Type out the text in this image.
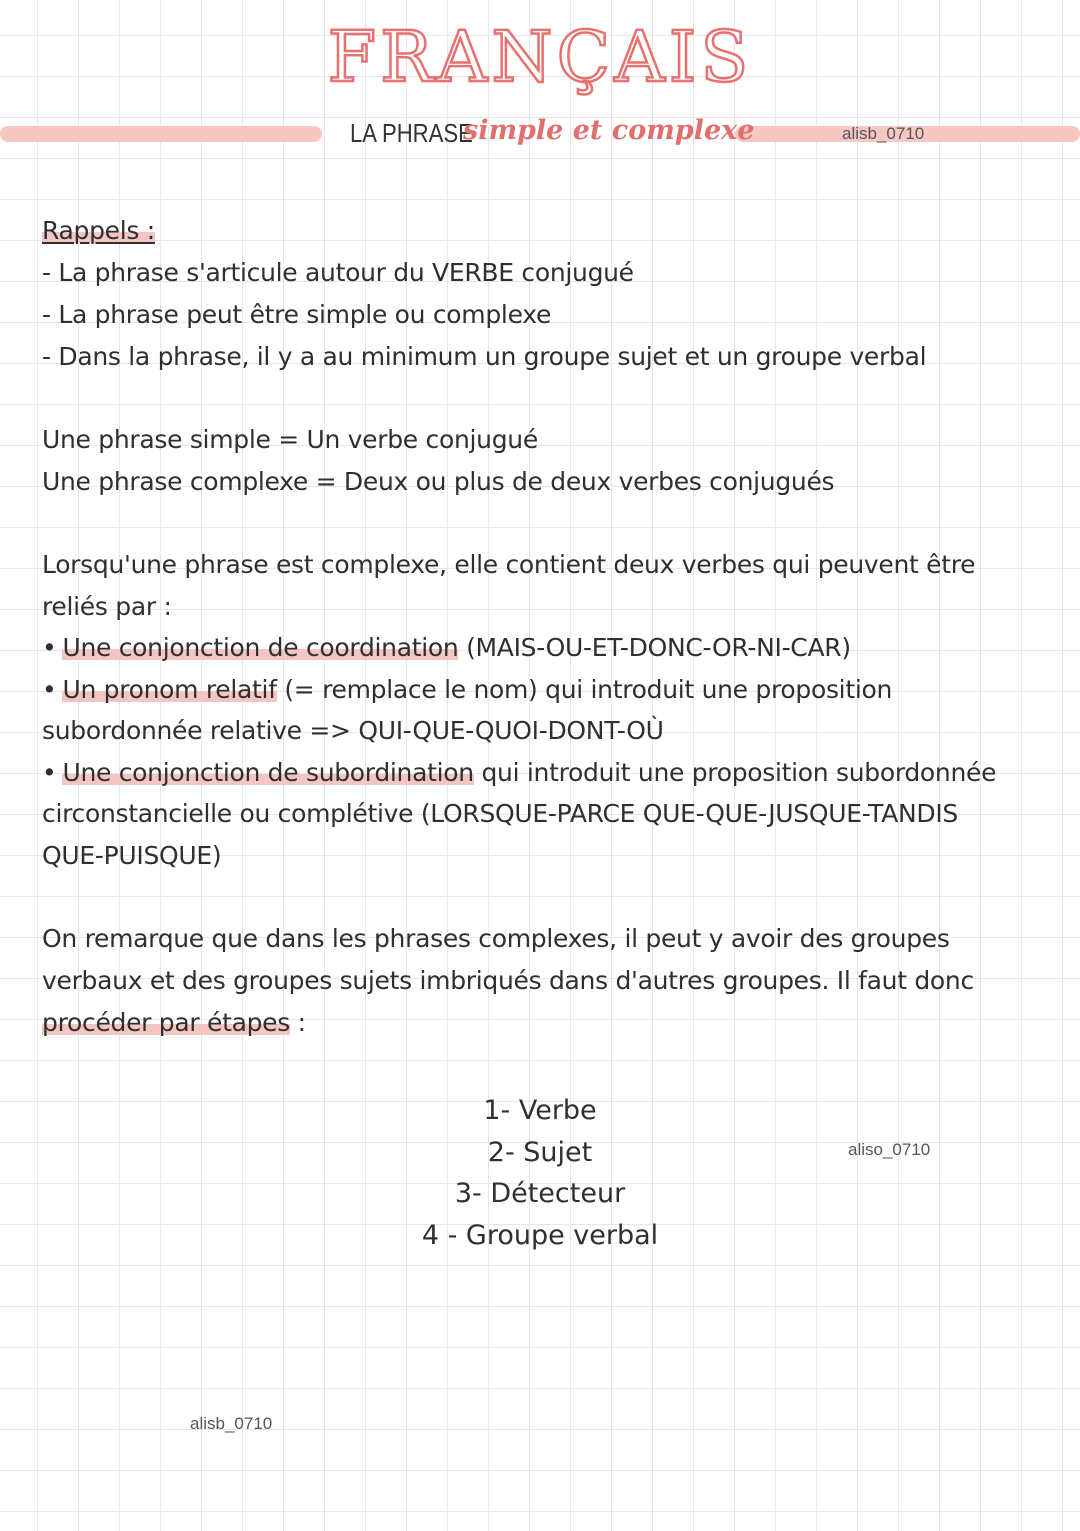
FRANÇAIS
LA PHRASE
simple et complexe	alisb_0710
Rappels :
- La phrase s'articule autour du VERBE conjugué
- La phrase peut être simple ou complexe
- Dans la phrase, il y a au minimum un groupe sujet et un groupe verbal
Une phrase simple = Un verbe conjugué
Une phrase complexe = Deux ou plus de deux verbes conjugués
Lorsqu'une phrase est complexe, elle contient deux verbes qui peuvent être
reliés par :
• Une conjonction de coordination (MAIS-OU-ET-DONC-OR-NI-CAR)
• Un pronom relatif (= remplace le nom) qui introduit une proposition
subordonnée relative => QUI-QUE-QUOI-DONT-OÙ
• Une conjonction de subordination qui introduit une proposition subordonnée
circonstancielle ou complétive (LORSQUE-PARCE QUE-QUE-JUSQUE-TANDIS
QUE-PUISQUE)
On remarque que dans les phrases complexes, il peut y avoir des groupes
verbaux et des groupes sujets imbriqués dans d'autres groupes. Il faut donc
procéder par étapes :
1- Verbe
2- Sujet
3- Détecteur
4 - Groupe verbal
aliso_0710
alisb_0710
